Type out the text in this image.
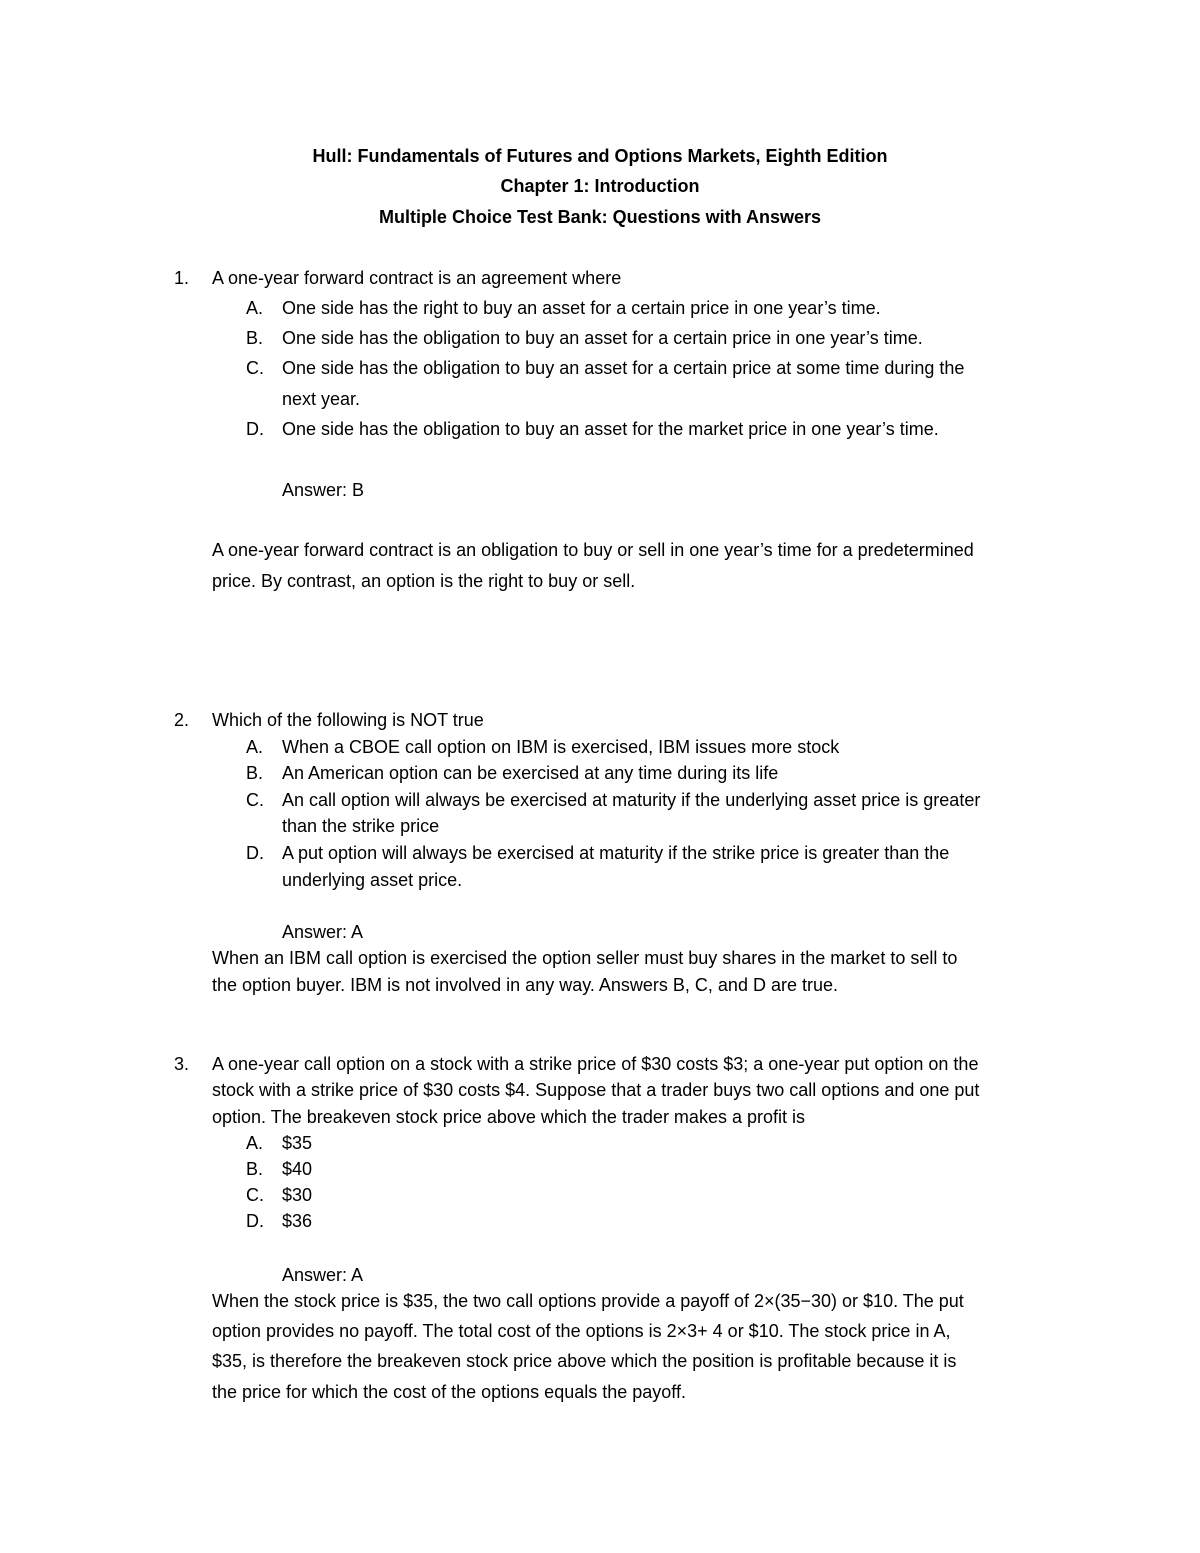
Hull: Fundamentals of Futures and Options Markets, Eighth Edition

Chapter 1: Introduction

Multiple Choice Test Bank: Questions with Answers

1. A one-year forward contract is an agreement where

A. One side has the right to buy an asset for a certain price in one year’s time.

B. One side has the obligation to buy an asset for a certain price in one year’s time.

C. One side has the obligation to buy an asset for a certain price at some time during the

next year.

D. One side has the obligation to buy an asset for the market price in one year’s time.

Answer: B

A one-year forward contract is an obligation to buy or sell in one year’s time for a predetermined

price. By contrast, an option is the right to buy or sell.

2. Which of the following is NOT true

A. When a CBOE call option on IBM is exercised, IBM issues more stock

B. An American option can be exercised at any time during its life

C. An call option will always be exercised at maturity if the underlying asset price is greater

than the strike price

D. A put option will always be exercised at maturity if the strike price is greater than the

underlying asset price.

Answer: A

When an IBM call option is exercised the option seller must buy shares in the market to sell to

the option buyer. IBM is not involved in any way. Answers B, C, and D are true.

3. A one-year call option on a stock with a strike price of $30 costs $3; a one-year put option on the

stock with a strike price of $30 costs $4. Suppose that a trader buys two call options and one put

option. The breakeven stock price above which the trader makes a profit is

A. $35

B. $40

C. $30

D. $36

Answer: A

When the stock price is $35, the two call options provide a payoff of 2×(35−30) or $10. The put

option provides no payoff. The total cost of the options is 2×3+ 4 or $10. The stock price in A,

$35, is therefore the breakeven stock price above which the position is profitable because it is

the price for which the cost of the options equals the payoff.
